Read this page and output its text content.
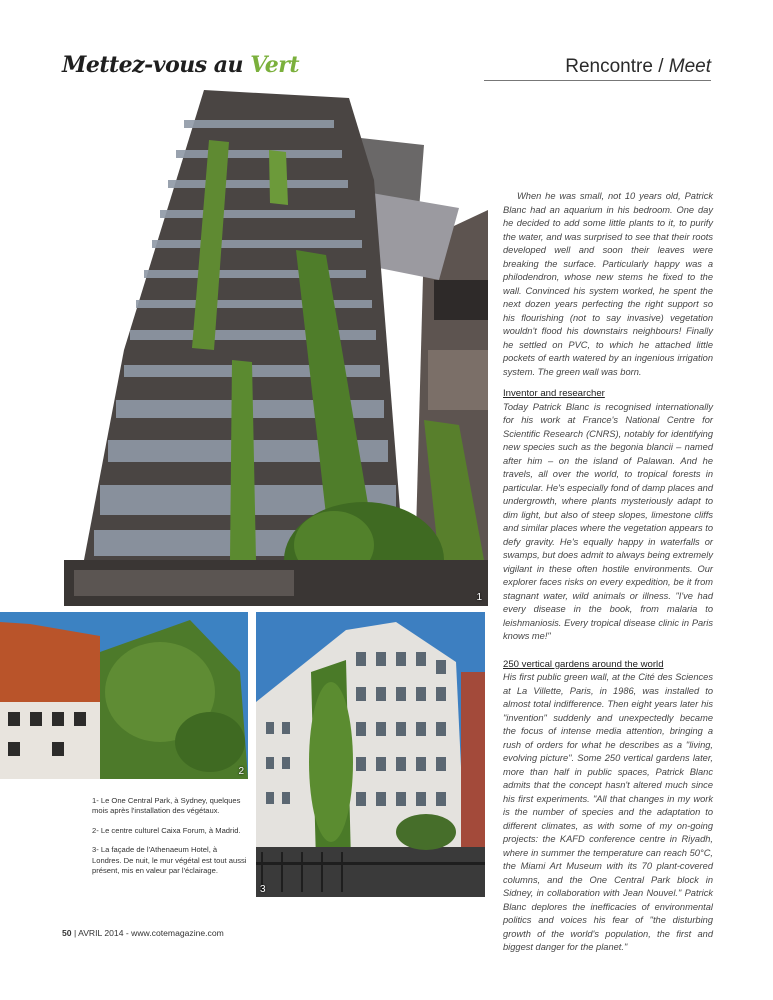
Mettez-vous au Vert	Rencontre / Meet
1
2
3

When he was small, not 10 years old, Patrick Blanc had an aquarium in his bedroom. One day he decided to add some little plants to it, to purify the water, and was surprised to see that their roots developed well and soon their leaves were breaking the surface. Particularly happy was a philodendron, whose new stems he fixed to the wall. Convinced his system worked, he spent the next dozen years perfecting the right support so his flourishing (not to say invasive) vegetation wouldn't flood his downstairs neighbours! Finally he settled on PVC, to which he attached little pockets of earth watered by an ingenious irrigation system. The green wall was born.

Inventor and researcher

Today Patrick Blanc is recognised internationally for his work at France's National Centre for Scientific Research (CNRS), notably for identifying new species such as the begonia blancii – named after him – on the island of Palawan. And he travels, all over the world, to tropical forests in particular. He's especially fond of damp places and undergrowth, where plants mysteriously adapt to dim light, but also of steep slopes, limestone cliffs and similar places where the vegetation appears to defy gravity. He's equally happy in waterfalls or swamps, but does admit to always being extremely vigilant in these often hostile environments. Our explorer faces risks on every expedition, be it from stagnant water, wild animals or illness. "I've had every disease in the book, from malaria to leishmaniosis. Every tropical disease clinic in Paris knows me!"

250 vertical gardens around the world

His first public green wall, at the Cité des Sciences at La Villette, Paris, in 1986, was installed to almost total indifference. Then eight years later his "invention" suddenly and unexpectedly became the focus of intense media attention, bringing a rush of orders for what he describes as a "living, evolving picture". Some 250 vertical gardens later, more than half in public spaces, Patrick Blanc admits that the concept hasn't altered much since his first experiments. "All that changes in my work is the number of species and the adaptation to different climates, as with some of my on-going projects: the KAFD conference centre in Riyadh, where in summer the temperature can reach 50°C, the Miami Art Museum with its 70 plant-covered columns, and the One Central Park block in Sidney, in collaboration with Jean Nouvel." Patrick Blanc deplores the inefficacies of environmental politics and voices his fear of "the disturbing growth of the world's population, the first and biggest danger for the planet."

1- Le One Central Park, à Sydney, quelques mois après l'installation des végétaux.

2- Le centre culturel Caixa Forum, à Madrid.

3- La façade de l'Athenaeum Hotel, à Londres. De nuit, le mur végétal est tout aussi présent, mis en valeur par l'éclairage.

50 | AVRIL 2014 - www.cotemagazine.com
